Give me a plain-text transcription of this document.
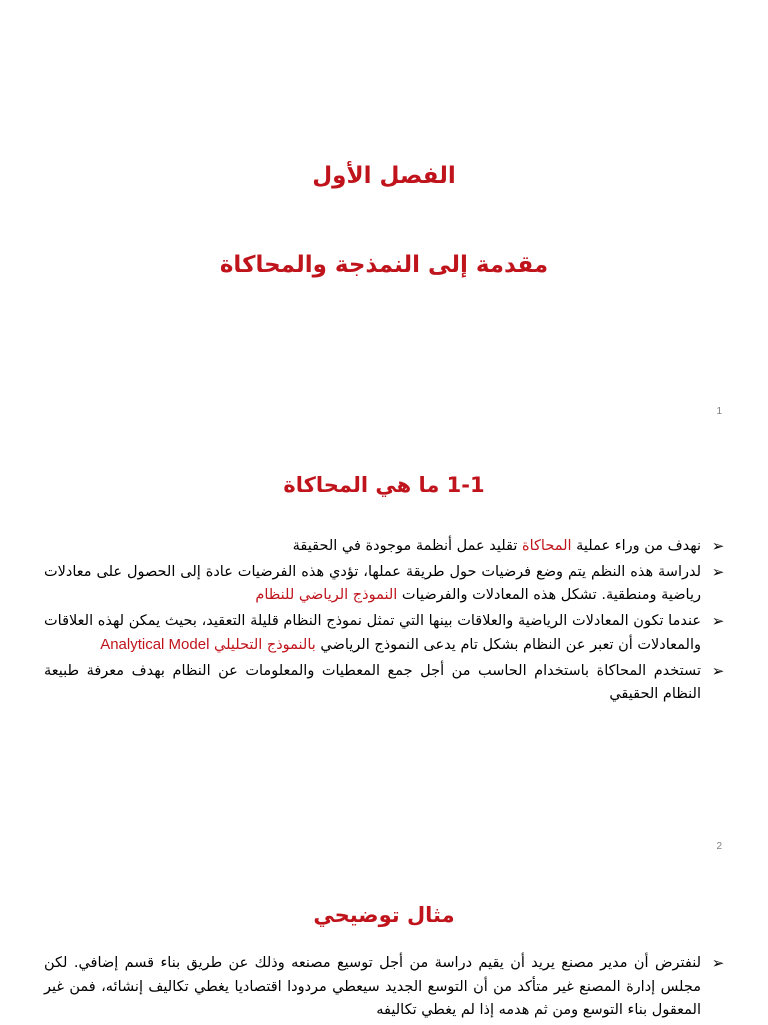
الفصل الأول
مقدمة إلى النمذجة والمحاكاة
1
1-1 ما هي المحاكاة
➢
نهدف من وراء عملية المحاكاة تقليد عمل أنظمة موجودة في الحقيقة
➢
لدراسة هذه النظم يتم وضع فرضيات حول طريقة عملها، تؤدي هذه الفرضيات عادة إلى الحصول على معادلات رياضية ومنطقية. تشكل هذه المعادلات والفرضيات النموذج الرياضي للنظام
➢
عندما تكون المعادلات الرياضية والعلاقات بينها التي تمثل نموذج النظام قليلة التعقيد، بحيث يمكن لهذه العلاقات والمعادلات أن تعبر عن النظام بشكل تام يدعى النموذج الرياضي بالنموذج التحليلي Analytical Model
➢
تستخدم المحاكاة باستخدام الحاسب من أجل جمع المعطيات والمعلومات عن النظام بهدف معرفة طبيعة النظام الحقيقي
2
مثال توضيحي
➢
لنفترض أن مدير مصنع يريد أن يقيم دراسة من أجل توسيع مصنعه وذلك عن طريق بناء قسم إضافي. لكن مجلس إدارة المصنع غير متأكد من أن التوسع الجديد سيعطي مردودا اقتصاديا يغطي تكاليف إنشائه، فمن غير المعقول بناء التوسع ومن ثم هدمه إذا لم يغطي تكاليفه
